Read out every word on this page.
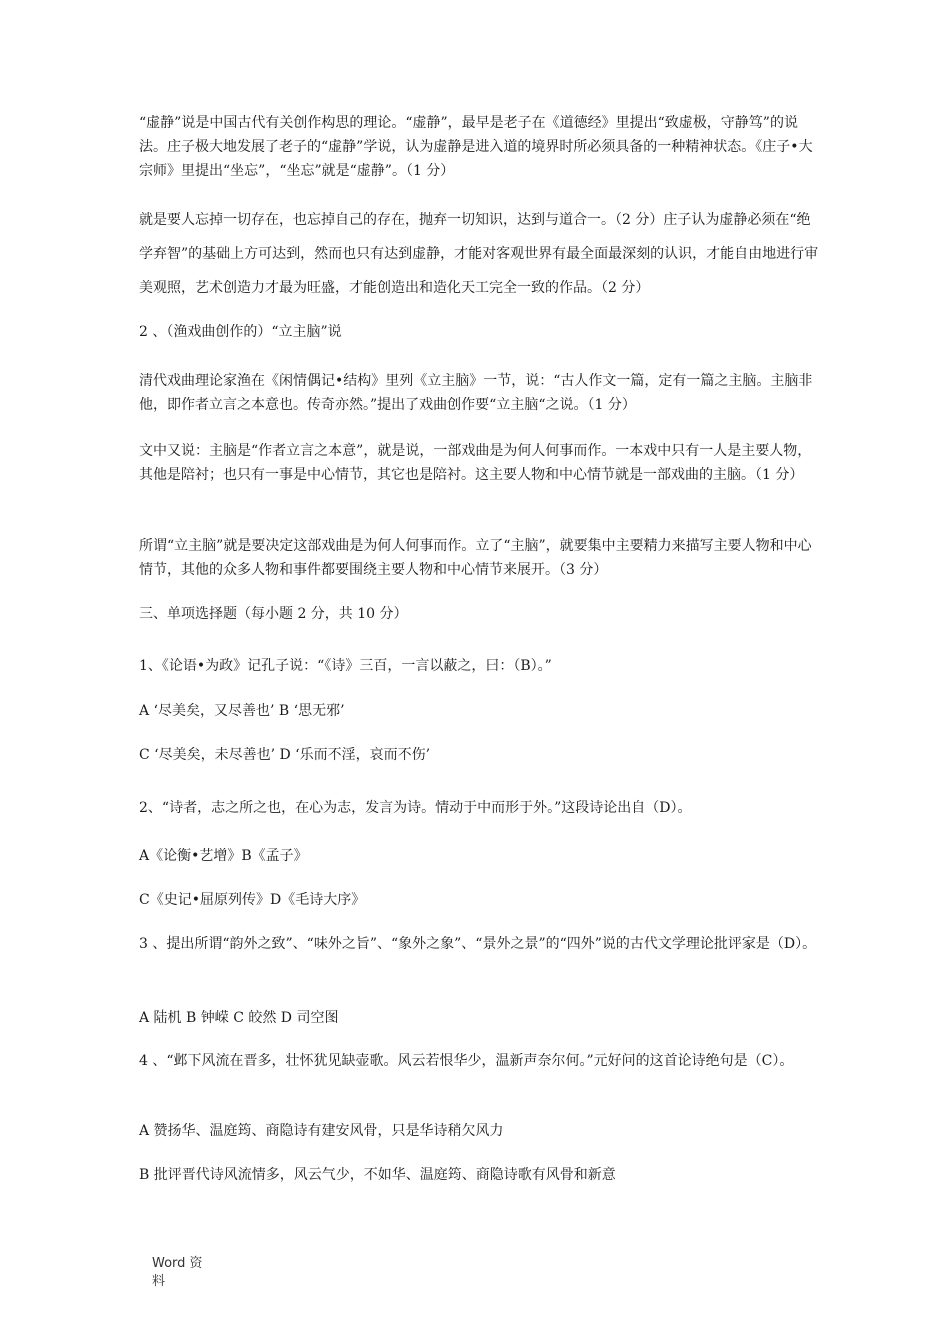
“虚静”说是中国古代有关创作构思的理论。“虚静”，最早是老子在《道德经》里提出“致虚极，守静笃”的说法。庄子极大地发展了老子的“虚静”学说，认为虚静是进入道的境界时所必须具备的一种精神状态。《庄子•大宗师》里提出“坐忘”，“坐忘”就是“虚静”。（1 分）

就是要人忘掉一切存在，也忘掉自己的存在，抛弃一切知识，达到与道合一。（2 分）庄子认为虚静必须在“绝学弃智”的基础上方可达到，然而也只有达到虚静，才能对客观世界有最全面最深刻的认识，才能自由地进行审美观照，艺术创造力才最为旺盛，才能创造出和造化天工完全一致的作品。（2 分）

2 、（渔戏曲创作的）“立主脑”说

清代戏曲理论家渔在《闲情偶记•结构》里列《立主脑》一节，说：“古人作文一篇，定有一篇之主脑。主脑非他，即作者立言之本意也。传奇亦然。”提出了戏曲创作要“立主脑“之说。（1 分）

文中又说：主脑是“作者立言之本意”，就是说，一部戏曲是为何人何事而作。一本戏中只有一人是主要人物，其他是陪衬；也只有一事是中心情节，其它也是陪衬。这主要人物和中心情节就是一部戏曲的主脑。（1 分）

所谓“立主脑”就是要决定这部戏曲是为何人何事而作。立了“主脑”，就要集中主要精力来描写主要人物和中心情节，其他的众多人物和事件都要围绕主要人物和中心情节来展开。（3 分）

三、单项选择题（每小题 2 分，共 10 分）

1、《论语•为政》记孔子说：“《诗》三百，一言以蔽之，曰：（B）。”

A ‘尽美矣，又尽善也’ B ‘思无邪’

C ‘尽美矣，未尽善也’ D ‘乐而不淫，哀而不伤’

2、“诗者，志之所之也，在心为志，发言为诗。情动于中而形于外。”这段诗论出自（D）。

A《论衡•艺增》B《孟子》

C《史记•屈原列传》D《毛诗大序》

3 、提出所谓“韵外之致”、“味外之旨”、“象外之象”、“景外之景”的“四外”说的古代文学理论批评家是（D）。

A 陆机 B 钟嵘 C 皎然 D 司空图

4 、“邺下风流在晋多，壮怀犹见缺壶歌。风云若恨华少，温新声奈尔何。”元好问的这首论诗绝句是（C）。

A 赞扬华、温庭筠、商隐诗有建安风骨，只是华诗稍欠风力

B 批评晋代诗风流情多，风云气少，不如华、温庭筠、商隐诗歌有风骨和新意

Word 资料
